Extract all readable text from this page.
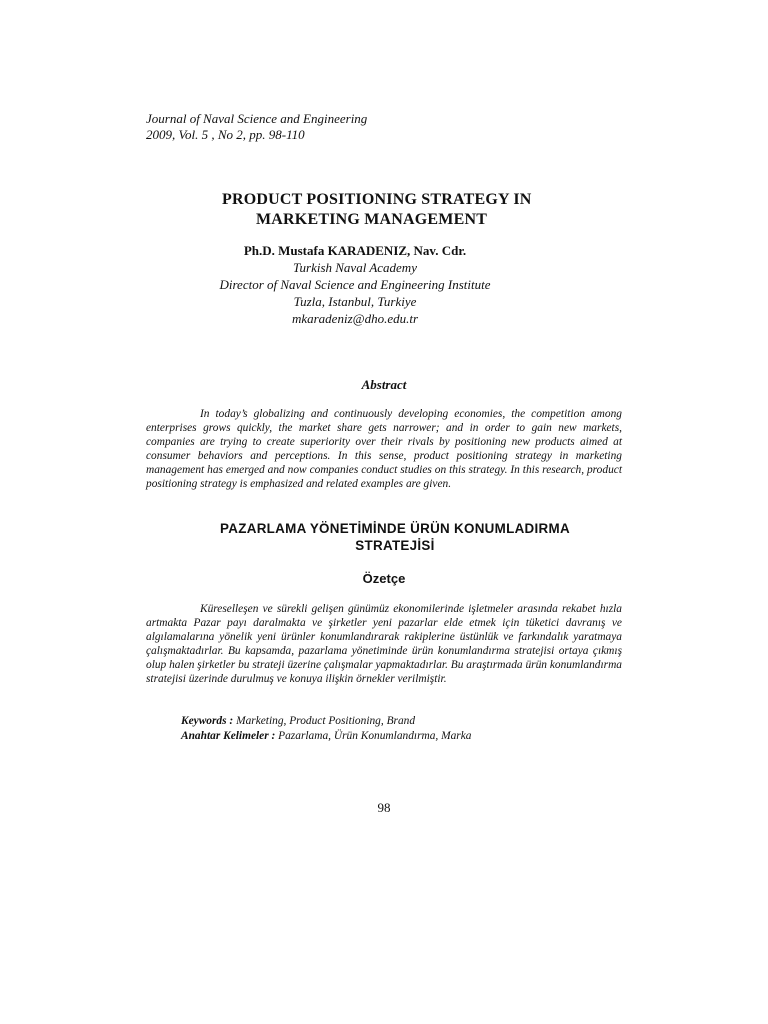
Journal of Naval Science and Engineering
2009, Vol. 5 , No 2, pp. 98-110
PRODUCT POSITIONING STRATEGY IN
MARKETING MANAGEMENT
Ph.D. Mustafa KARADENIZ, Nav. Cdr.
Turkish Naval Academy
Director of Naval Science and Engineering Institute
Tuzla, Istanbul, Turkiye
mkaradeniz@dho.edu.tr
Abstract
In today’s globalizing and continuously developing economies, the competition among enterprises grows quickly, the market share gets narrower; and in order to gain new markets, companies are trying to create superiority over their rivals by positioning new products aimed at consumer behaviors and perceptions. In this sense, product positioning strategy in marketing management has emerged and now companies conduct studies on this strategy. In this research, product positioning strategy is emphasized and related examples are given.
PAZARLAMA YÖNETİMİNDE ÜRÜN KONUMLADIRMA
STRATEJİSİ
Özetçe
Küreselleşen ve sürekli gelişen günümüz ekonomilerinde işletmeler arasında rekabet hızla artmakta Pazar payı daralmakta ve şirketler yeni pazarlar elde etmek için tüketici davranış ve algılamalarına yönelik yeni ürünler konumlandırarak rakiplerine üstünlük ve farkındalık yaratmaya çalışmaktadırlar. Bu kapsamda, pazarlama yönetiminde ürün konumlandırma stratejisi ortaya çıkmış olup halen şirketler bu strateji üzerine çalışmalar yapmaktadırlar. Bu araştırmada ürün konumlandırma stratejisi üzerinde durulmuş ve konuya ilişkin örnekler verilmiştir.
Keywords : Marketing, Product Positioning, Brand
Anahtar Kelimeler : Pazarlama, Ürün Konumlandırma, Marka
98
